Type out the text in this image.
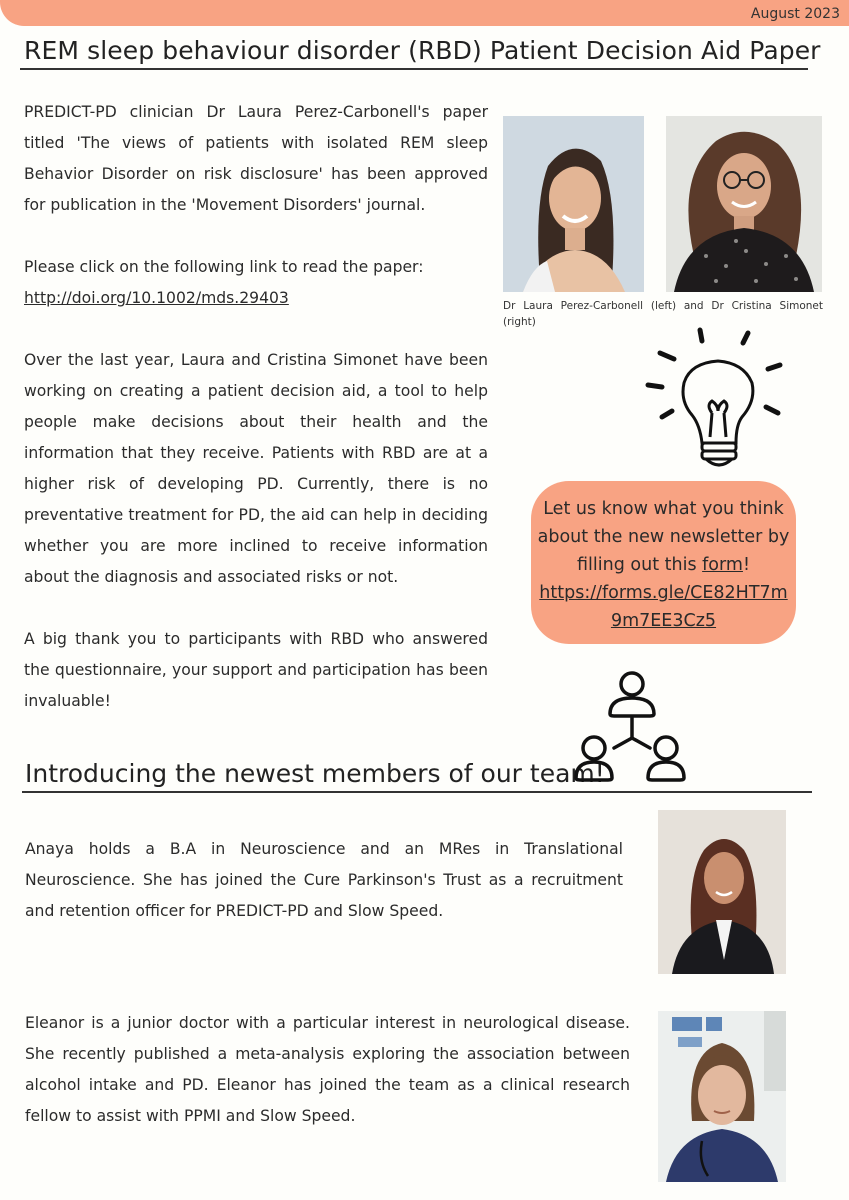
August 2023
REM sleep behaviour disorder (RBD) Patient Decision Aid Paper

PREDICT-PD clinician Dr Laura Perez-Carbonell's paper titled 'The views of patients with isolated REM sleep Behavior Disorder on risk disclosure' has been approved for publication in the 'Movement Disorders' journal.

Please click on the following link to read the paper:
http://doi.org/10.1002/mds.29403

Over the last year, Laura and Cristina Simonet have been working on creating a patient decision aid, a tool to help people make decisions about their health and the information that they receive. Patients with RBD are at a higher risk of developing PD. Currently, there is no preventative treatment for PD, the aid can help in deciding whether you are more inclined to receive information about the diagnosis and associated risks or not.

A big thank you to participants with RBD who answered the questionnaire, your support and participation has been invaluable!

Dr Laura Perez-Carbonell (left) and Dr Cristina Simonet (right)
Let us know what you think about the new newsletter by filling out this form!
https://forms.gle/CE82HT7m9m7EE3Cz5
Introducing the newest members of our team!

Anaya holds a B.A in Neuroscience and an MRes in Translational Neuroscience. She has joined the Cure Parkinson's Trust as a recruitment and retention officer for PREDICT-PD and Slow Speed.

Eleanor is a junior doctor with a particular interest in neurological disease. She recently published a meta-analysis exploring the association between alcohol intake and PD. Eleanor has joined the team as a clinical research fellow to assist with PPMI and Slow Speed.
